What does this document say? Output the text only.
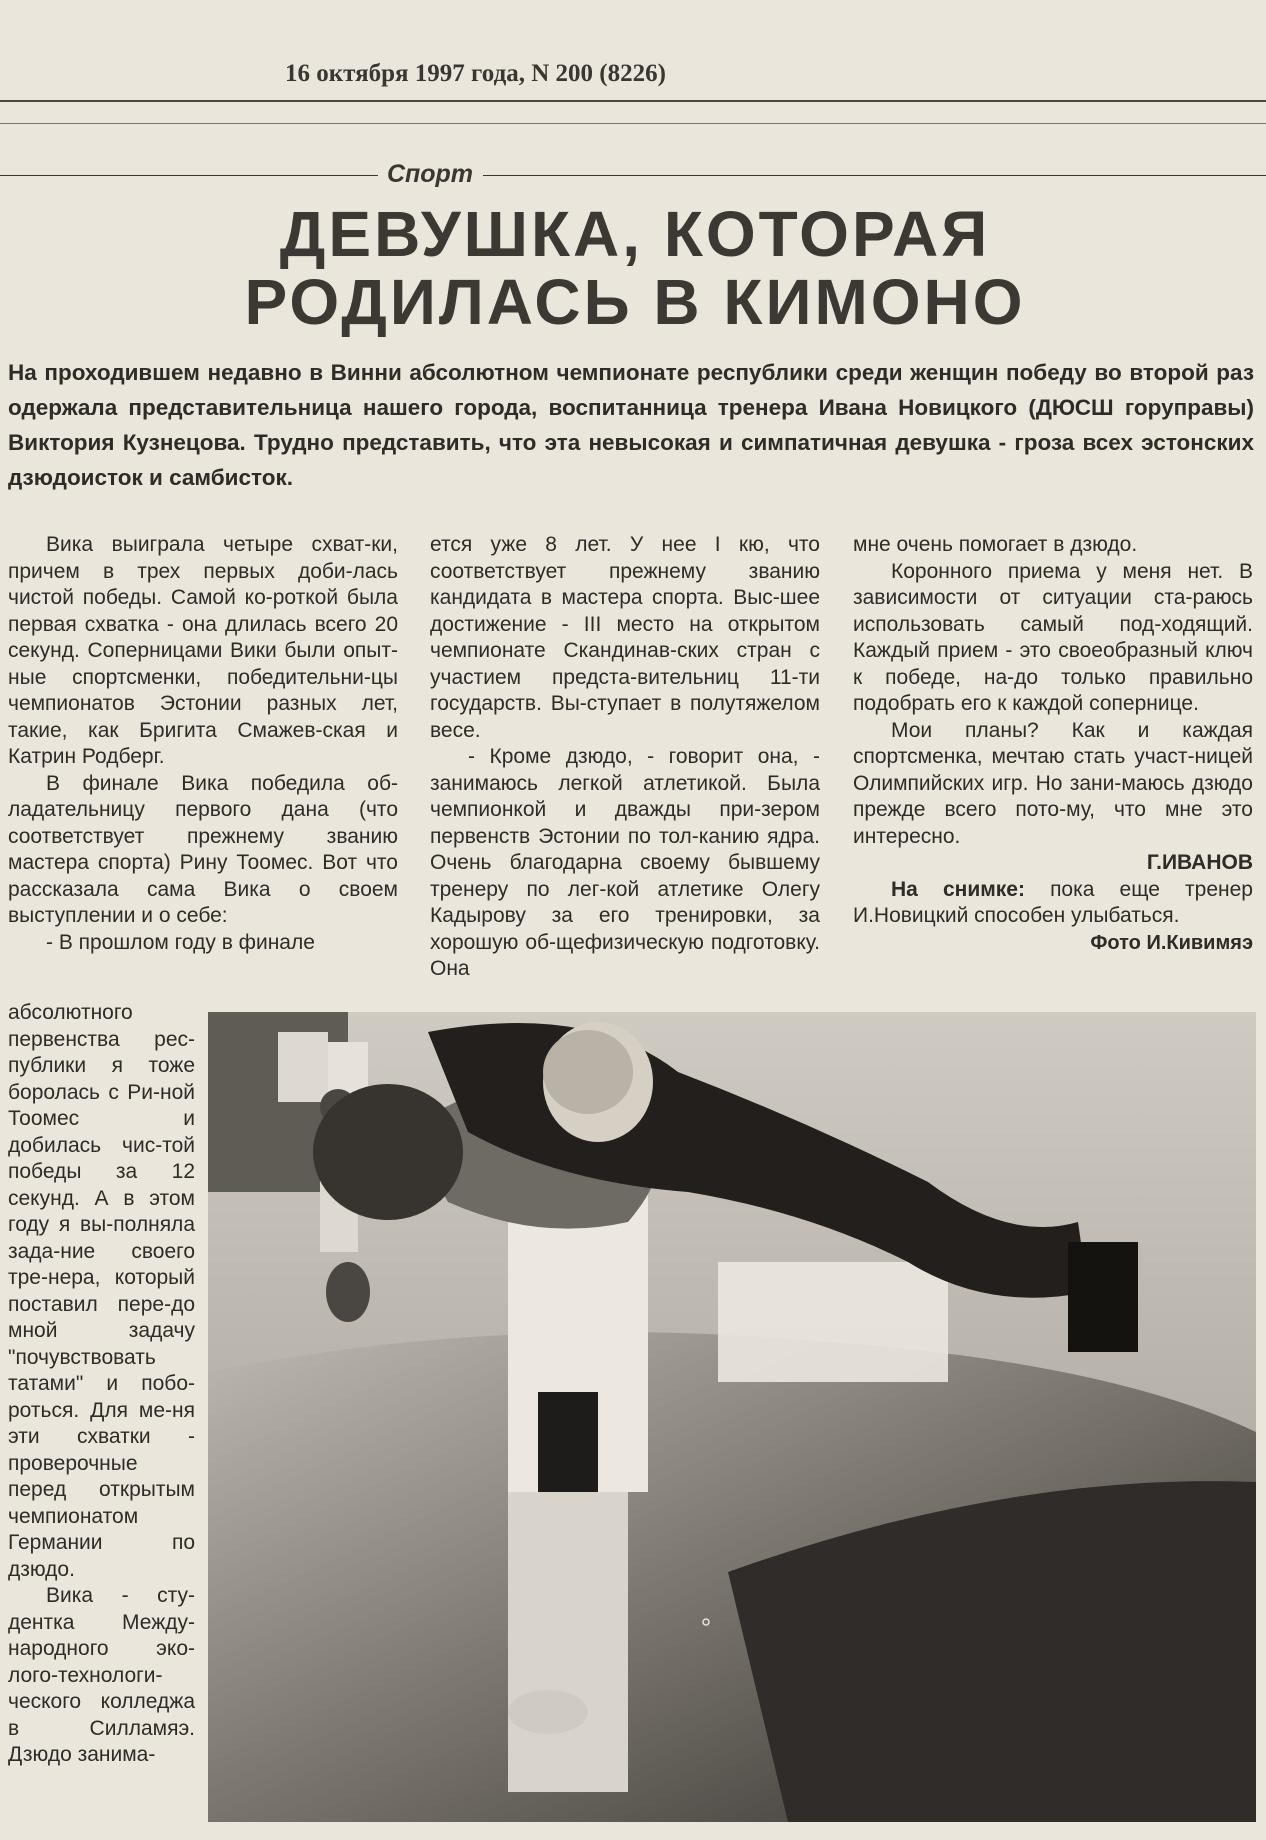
16 октября 1997 года, N 200 (8226)
Спорт
ДЕВУШКА, КОТОРАЯ
РОДИЛАСЬ В КИМОНО
На проходившем недавно в Винни абсолютном чемпионате республики среди женщин победу во второй раз одержала представительница нашего города, воспитанница тренера Ивана Новицкого (ДЮСШ горуправы) Виктория Кузнецова. Трудно представить, что эта невысокая и симпатичная девушка - гроза всех эстонских дзюдоисток и самбисток.

Вика выиграла четыре схват-ки, причем в трех первых доби-лась чистой победы. Самой ко-роткой была первая схватка - она длилась всего 20 секунд. Соперницами Вики были опыт-ные спортсменки, победительни-цы чемпионатов Эстонии разных лет, такие, как Бригита Смажев-ская и Катрин Родберг.

В финале Вика победила об-ладательницу первого дана (что соответствует прежнему званию мастера спорта) Рину Тоомес. Вот что рассказала сама Вика о своем выступлении и о себе:

- В прошлом году в финале

абсолютного первенства рес-публики я тоже боролась с Ри-ной Тоомес и добилась чис-той победы за 12 секунд. А в этом году я вы-полняла зада-ние своего тре-нера, который поставил пере-до мной задачу "почувствовать татами" и побо-роться. Для ме-ня эти схватки - проверочные перед открытым чемпионатом Германии по дзюдо.

Вика - сту-дентка Между-народного эко-лого-технологи-ческого колледжа в Силламяэ. Дзюдо занима-

ется уже 8 лет. У нее I кю, что соответствует прежнему званию кандидата в мастера спорта. Выс-шее достижение - III место на открытом чемпионате Скандинав-ских стран с участием предста-вительниц 11-ти государств. Вы-ступает в полутяжелом весе.

- Кроме дзюдо, - говорит она, - занимаюсь легкой атлетикой. Была чемпионкой и дважды при-зером первенств Эстонии по тол-канию ядра. Очень благодарна своему бывшему тренеру по лег-кой атлетике Олегу Кадырову за его тренировки, за хорошую об-щефизическую подготовку. Она

мне очень помогает в дзюдо.

Коронного приема у меня нет. В зависимости от ситуации ста-раюсь использовать самый под-ходящий. Каждый прием - это своеобразный ключ к победе, на-до только правильно подобрать его к каждой сопернице.

Мои планы? Как и каждая спортсменка, мечтаю стать участ-ницей Олимпийских игр. Но зани-маюсь дзюдо прежде всего пото-му, что мне это интересно.

Г.ИВАНОВ

На снимке: пока еще тренер И.Новицкий способен улыбаться.

Фото И.Кивимяэ
